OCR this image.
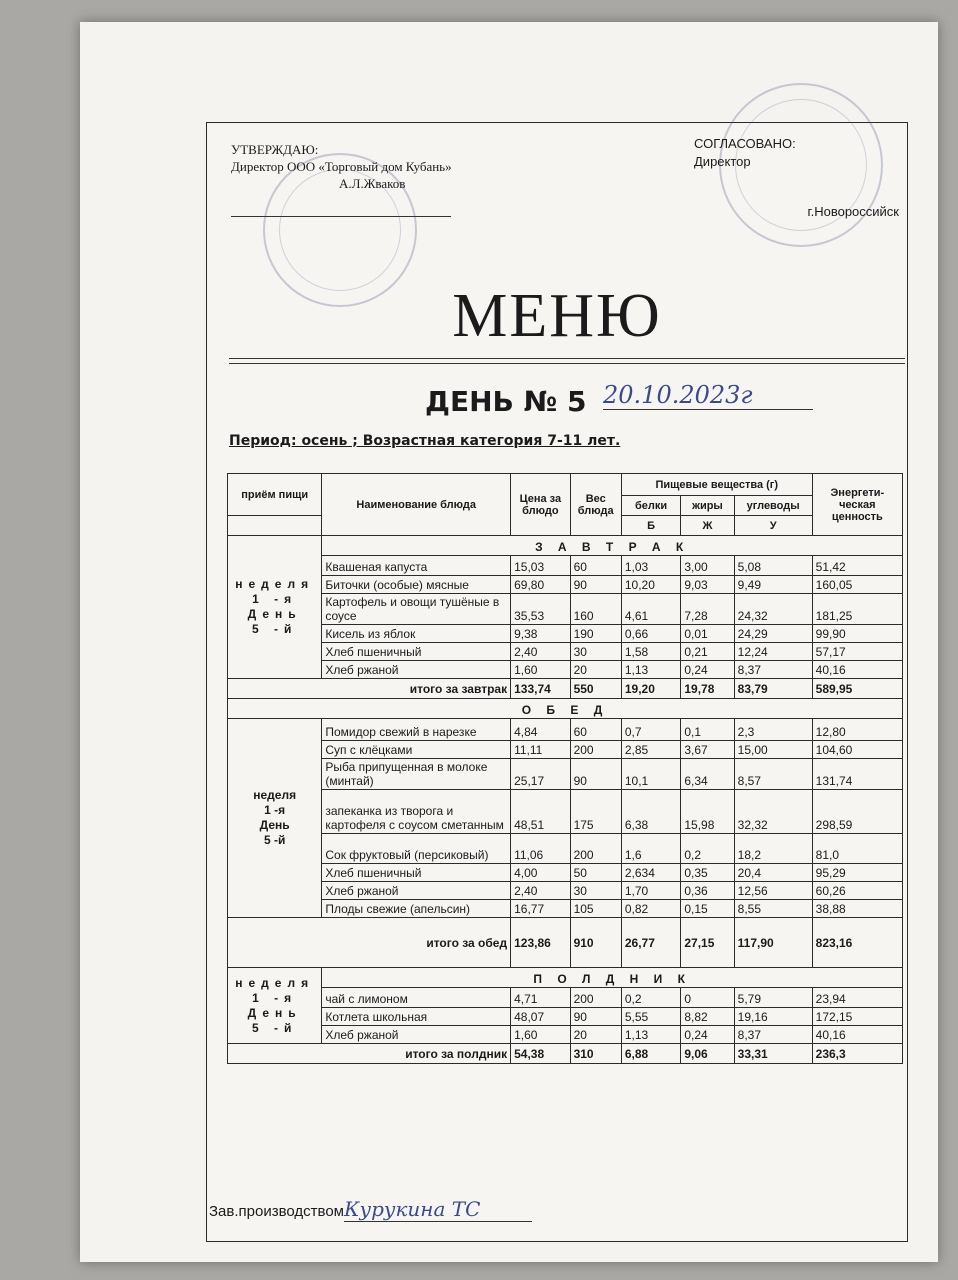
УТВЕРЖДАЮ:
Директор ООО «Торговый дом Кубань»
А.Л.Жваков
СОГЛАСОВАНО:
Директор
г.Новороссийск
МЕНЮ
ДЕНЬ № 5 20.10.2023г
Период: осень ; Возрастная категория 7-11 лет.
приём пищи	Наименование блюда	Цена за блюдо	Вес блюда	Пищевые вещества (г)			Энергети-ческая ценность
				белки	жиры	углеводы	
				Б	Ж	У	

неделя
1 -я
День
5 -й	З А В Т Р А К						
	Квашеная капуста	15,03	60	1,03	3,00	5,08	51,42
	Биточки (особые) мясные	69,80	90	10,20	9,03	9,49	160,05
	Картофель и овощи тушёные в соусе	35,53	160	4,61	7,28	24,32	181,25
	Кисель из яблок	9,38	190	0,66	0,01	24,29	99,90
	Хлеб пшеничный	2,40	30	1,58	0,21	12,24	57,17
	Хлеб ржаной	1,60	20	1,13	0,24	8,37	40,16
итого за завтрак		133,74	550	19,20	19,78	83,79	589,95
О Б Е Д							

неделя
1 -я
День
5 -й	Помидор свежий в нарезке	4,84	60	0,7	0,1	2,3	12,80
	Суп с клёцками	11,11	200	2,85	3,67	15,00	104,60
	Рыба припущенная в молоке (минтай)	25,17	90	10,1	6,34	8,57	131,74
	запеканка из творога и картофеля с соусом сметанным	48,51	175	6,38	15,98	32,32	298,59
	Сок фруктовый (персиковый)	11,06	200	1,6	0,2	18,2	81,0
	Хлеб пшеничный	4,00	50	2,634	0,35	20,4	95,29
	Хлеб ржаной	2,40	30	1,70	0,36	12,56	60,26
	Плоды свежие (апельсин)	16,77	105	0,82	0,15	8,55	38,88
итого за обед		123,86	910	26,77	27,15	117,90	823,16

неделя
1 -я
День
5 -й	П О Л Д Н И К						
	чай с лимоном	4,71	200	0,2	0	5,79	23,94
	Котлета школьная	48,07	90	5,55	8,82	19,16	172,15
	Хлеб ржаной	1,60	20	1,13	0,24	8,37	40,16
итого за полдник		54,38	310	6,88	9,06	33,31	236,3
Зав.производствомКурукина ТС
